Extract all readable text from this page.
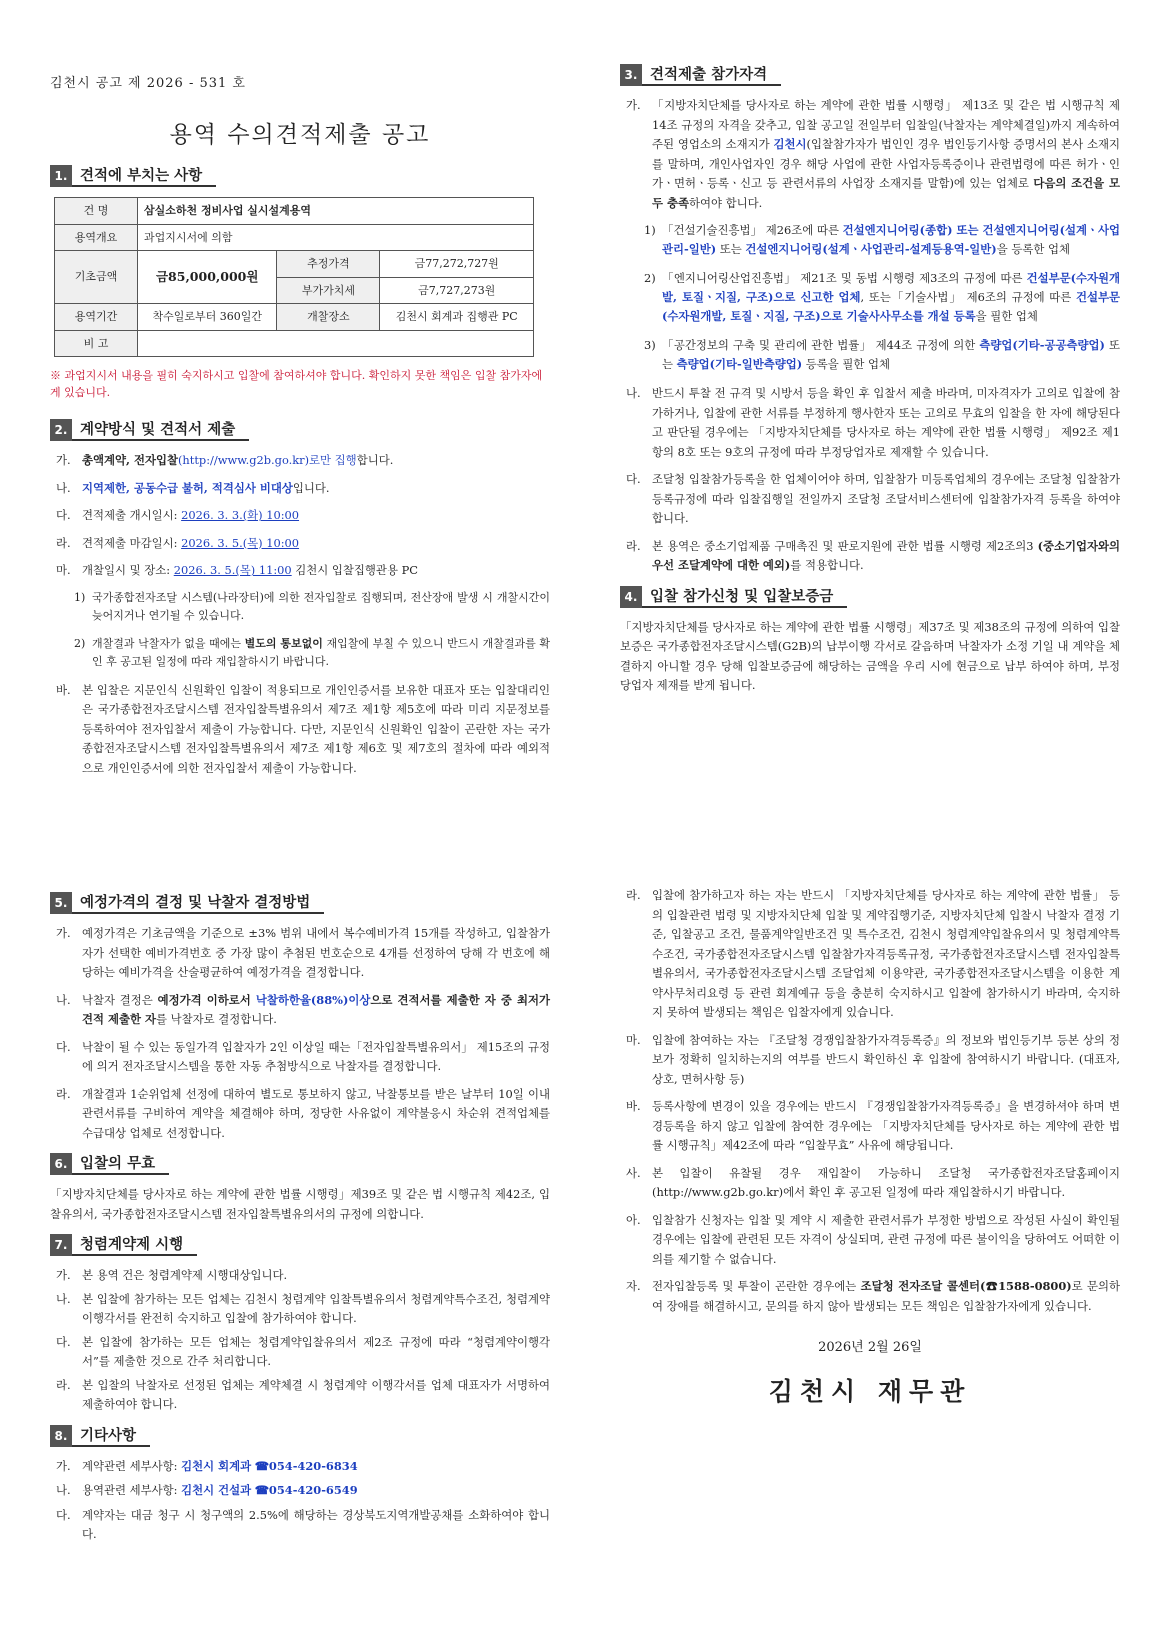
김천시 공고 제 2026 - 531 호
용역 수의견적제출 공고
1. 견적에 부치는 사항
건 명	삼실소하천 정비사업 실시설계용역		
용역개요	과업지시서에 의함		
기초금액	금85,000,000원	추정가격	금77,272,727원
		부가가치세	금7,727,273원
용역기간	착수일로부터 360일간	개찰장소	김천시 회계과 집행관 PC
비 고			
※ 과업지시서 내용을 필히 숙지하시고 입찰에 참여하셔야 합니다. 확인하지 못한 책임은 입찰 참가자에게 있습니다.
2. 계약방식 및 견적서 제출
가. 총액계약, 전자입찰(http://www.g2b.go.kr)로만 집행합니다.
나. 지역제한, 공동수급 불허, 적격심사 비대상입니다.
다. 견적제출 개시일시: 2026. 3. 3.(화) 10:00
라. 견적제출 마감일시: 2026. 3. 5.(목) 10:00
마. 개찰일시 및 장소: 2026. 3. 5.(목) 11:00 김천시 입찰집행관용 PC
1) 국가종합전자조달 시스템(나라장터)에 의한 전자입찰로 집행되며, 전산장애 발생 시 개찰시간이 늦어지거나 연기될 수 있습니다.
2) 개찰결과 낙찰자가 없을 때에는 별도의 통보없이 재입찰에 부칠 수 있으니 반드시 개찰결과를 확인 후 공고된 일정에 따라 재입찰하시기 바랍니다.
바. 본 입찰은 지문인식 신원확인 입찰이 적용되므로 개인인증서를 보유한 대표자 또는 입찰대리인은 국가종합전자조달시스템 전자입찰특별유의서 제7조 제1항 제5호에 따라 미리 지문정보를 등록하여야 전자입찰서 제출이 가능합니다. 다만, 지문인식 신원확인 입찰이 곤란한 자는 국가종합전자조달시스템 전자입찰특별유의서 제7조 제1항 제6호 및 제7호의 절차에 따라 예외적으로 개인인증서에 의한 전자입찰서 제출이 가능합니다.
3. 견적제출 참가자격
가. 「지방자치단체를 당사자로 하는 계약에 관한 법률 시행령」 제13조 및 같은 법 시행규칙 제14조 규정의 자격을 갖추고, 입찰 공고일 전일부터 입찰일(낙찰자는 계약체결일)까지 계속하여 주된 영업소의 소재지가 김천시(입찰참가자가 법인인 경우 법인등기사항 증명서의 본사 소재지를 말하며, 개인사업자인 경우 해당 사업에 관한 사업자등록증이나 관련법령에 따른 허가ㆍ인가ㆍ면허ㆍ등록ㆍ신고 등 관련서류의 사업장 소재지를 말함)에 있는 업체로 다음의 조건을 모두 충족하여야 합니다.
1) 「건설기술진흥법」 제26조에 따른 건설엔지니어링(종합) 또는 건설엔지니어링(설계ㆍ사업관리-일반) 또는 건설엔지니어링(설계ㆍ사업관리-설계등용역-일반)을 등록한 업체
2) 「엔지니어링산업진흥법」 제21조 및 동법 시행령 제3조의 규정에 따른 건설부문(수자원개발, 토질ㆍ지질, 구조)으로 신고한 업체, 또는「기술사법」 제6조의 규정에 따른 건설부문(수자원개발, 토질ㆍ지질, 구조)으로 기술사사무소를 개설 등록을 필한 업체
3) 「공간정보의 구축 및 관리에 관한 법률」 제44조 규정에 의한 측량업(기타-공공측량업) 또는 측량업(기타-일반측량업) 등록을 필한 업체
나. 반드시 투찰 전 규격 및 시방서 등을 확인 후 입찰서 제출 바라며, 미자격자가 고의로 입찰에 참가하거나, 입찰에 관한 서류를 부정하게 행사한자 또는 고의로 무효의 입찰을 한 자에 해당된다고 판단될 경우에는 「지방자치단체를 당사자로 하는 계약에 관한 법률 시행령」 제92조 제1항의 8호 또는 9호의 규정에 따라 부정당업자로 제재할 수 있습니다.
다. 조달청 입찰참가등록을 한 업체이어야 하며, 입찰참가 미등록업체의 경우에는 조달청 입찰참가등록규정에 따라 입찰집행일 전일까지 조달청 조달서비스센터에 입찰참가자격 등록을 하여야 합니다.
라. 본 용역은 중소기업제품 구매촉진 및 판로지원에 관한 법률 시행령 제2조의3 (중소기업자와의 우선 조달계약에 대한 예외)를 적용합니다.
4. 입찰 참가신청 및 입찰보증금
「지방자치단체를 당사자로 하는 계약에 관한 법률 시행령」제37조 및 제38조의 규정에 의하여 입찰보증은 국가종합전자조달시스템(G2B)의 납부이행 각서로 갈음하며 낙찰자가 소정 기일 내 계약을 체결하지 아니할 경우 당해 입찰보증금에 해당하는 금액을 우리 시에 현금으로 납부 하여야 하며, 부정당업자 제재를 받게 됩니다.
5. 예정가격의 결정 및 낙찰자 결정방법
가. 예정가격은 기초금액을 기준으로 ±3% 범위 내에서 복수예비가격 15개를 작성하고, 입찰참가자가 선택한 예비가격번호 중 가장 많이 추첨된 번호순으로 4개를 선정하여 당해 각 번호에 해당하는 예비가격을 산술평균하여 예정가격을 결정합니다.
나. 낙찰자 결정은 예정가격 이하로서 낙찰하한율(88%)이상으로 견적서를 제출한 자 중 최저가 견적 제출한 자를 낙찰자로 결정합니다.
다. 낙찰이 될 수 있는 동일가격 입찰자가 2인 이상일 때는「전자입찰특별유의서」 제15조의 규정에 의거 전자조달시스템을 통한 자동 추첨방식으로 낙찰자를 결정합니다.
라. 개찰결과 1순위업체 선정에 대하여 별도로 통보하지 않고, 낙찰통보를 받은 날부터 10일 이내 관련서류를 구비하여 계약을 체결해야 하며, 정당한 사유없이 계약불응시 차순위 견적업체를 수급대상 업체로 선정합니다.
6. 입찰의 무효
「지방자치단체를 당사자로 하는 계약에 관한 법률 시행령」제39조 및 같은 법 시행규칙 제42조, 입찰유의서, 국가종합전자조달시스템 전자입찰특별유의서의 규정에 의합니다.
7. 청렴계약제 시행
가. 본 용역 건은 청렴계약제 시행대상입니다.
나. 본 입찰에 참가하는 모든 업체는 김천시 청렴계약 입찰특별유의서 청렴계약특수조건, 청렴계약 이행각서를 완전히 숙지하고 입찰에 참가하여야 합니다.
다. 본 입찰에 참가하는 모든 업체는 청렴계약입찰유의서 제2조 규정에 따라 “청렴계약이행각서”를 제출한 것으로 간주 처리합니다.
라. 본 입찰의 낙찰자로 선정된 업체는 계약체결 시 청렴계약 이행각서를 업체 대표자가 서명하여 제출하여야 합니다.
8. 기타사항
가. 계약관련 세부사항: 김천시 회계과 ☎054-420-6834
나. 용역관련 세부사항: 김천시 건설과 ☎054-420-6549
다. 계약자는 대금 청구 시 청구액의 2.5%에 해당하는 경상북도지역개발공채를 소화하여야 합니다.
라. 입찰에 참가하고자 하는 자는 반드시 「지방자치단체를 당사자로 하는 계약에 관한 법률」 등의 입찰관련 법령 및 지방자치단체 입찰 및 계약집행기준, 지방자치단체 입찰시 낙찰자 결정 기준, 입찰공고 조건, 물품계약일반조건 및 특수조건, 김천시 청렴계약입찰유의서 및 청렴계약특수조건, 국가종합전자조달시스템 입찰참가자격등록규정, 국가종합전자조달시스템 전자입찰특별유의서, 국가종합전자조달시스템 조달업체 이용약관, 국가종합전자조달시스템을 이용한 계약사무처리요령 등 관련 회계예규 등을 충분히 숙지하시고 입찰에 참가하시기 바라며, 숙지하지 못하여 발생되는 책임은 입찰자에게 있습니다.
마. 입찰에 참여하는 자는 『조달청 경쟁입찰참가자격등록증』의 정보와 법인등기부 등본 상의 정보가 정확히 일치하는지의 여부를 반드시 확인하신 후 입찰에 참여하시기 바랍니다. (대표자, 상호, 면허사항 등)
바. 등록사항에 변경이 있을 경우에는 반드시 『경쟁입찰참가자격등록증』을 변경하셔야 하며 변경등록을 하지 않고 입찰에 참여한 경우에는 「지방자치단체를 당사자로 하는 계약에 관한 법률 시행규칙」제42조에 따라 “입찰무효” 사유에 해당됩니다.
사. 본 입찰이 유찰될 경우 재입찰이 가능하니 조달청 국가종합전자조달홈페이지 (http://www.g2b.go.kr)에서 확인 후 공고된 일정에 따라 재입찰하시기 바랍니다.
아. 입찰참가 신청자는 입찰 및 계약 시 제출한 관련서류가 부정한 방법으로 작성된 사실이 확인될 경우에는 입찰에 관련된 모든 자격이 상실되며, 관련 규정에 따른 불이익을 당하여도 어떠한 이의를 제기할 수 없습니다.
자. 전자입찰등록 및 투찰이 곤란한 경우에는 조달청 전자조달 콜센터(☎1588-0800)로 문의하여 장애를 해결하시고, 문의를 하지 않아 발생되는 모든 책임은 입찰참가자에게 있습니다.
2026년 2월 26일
김천시 재무관
